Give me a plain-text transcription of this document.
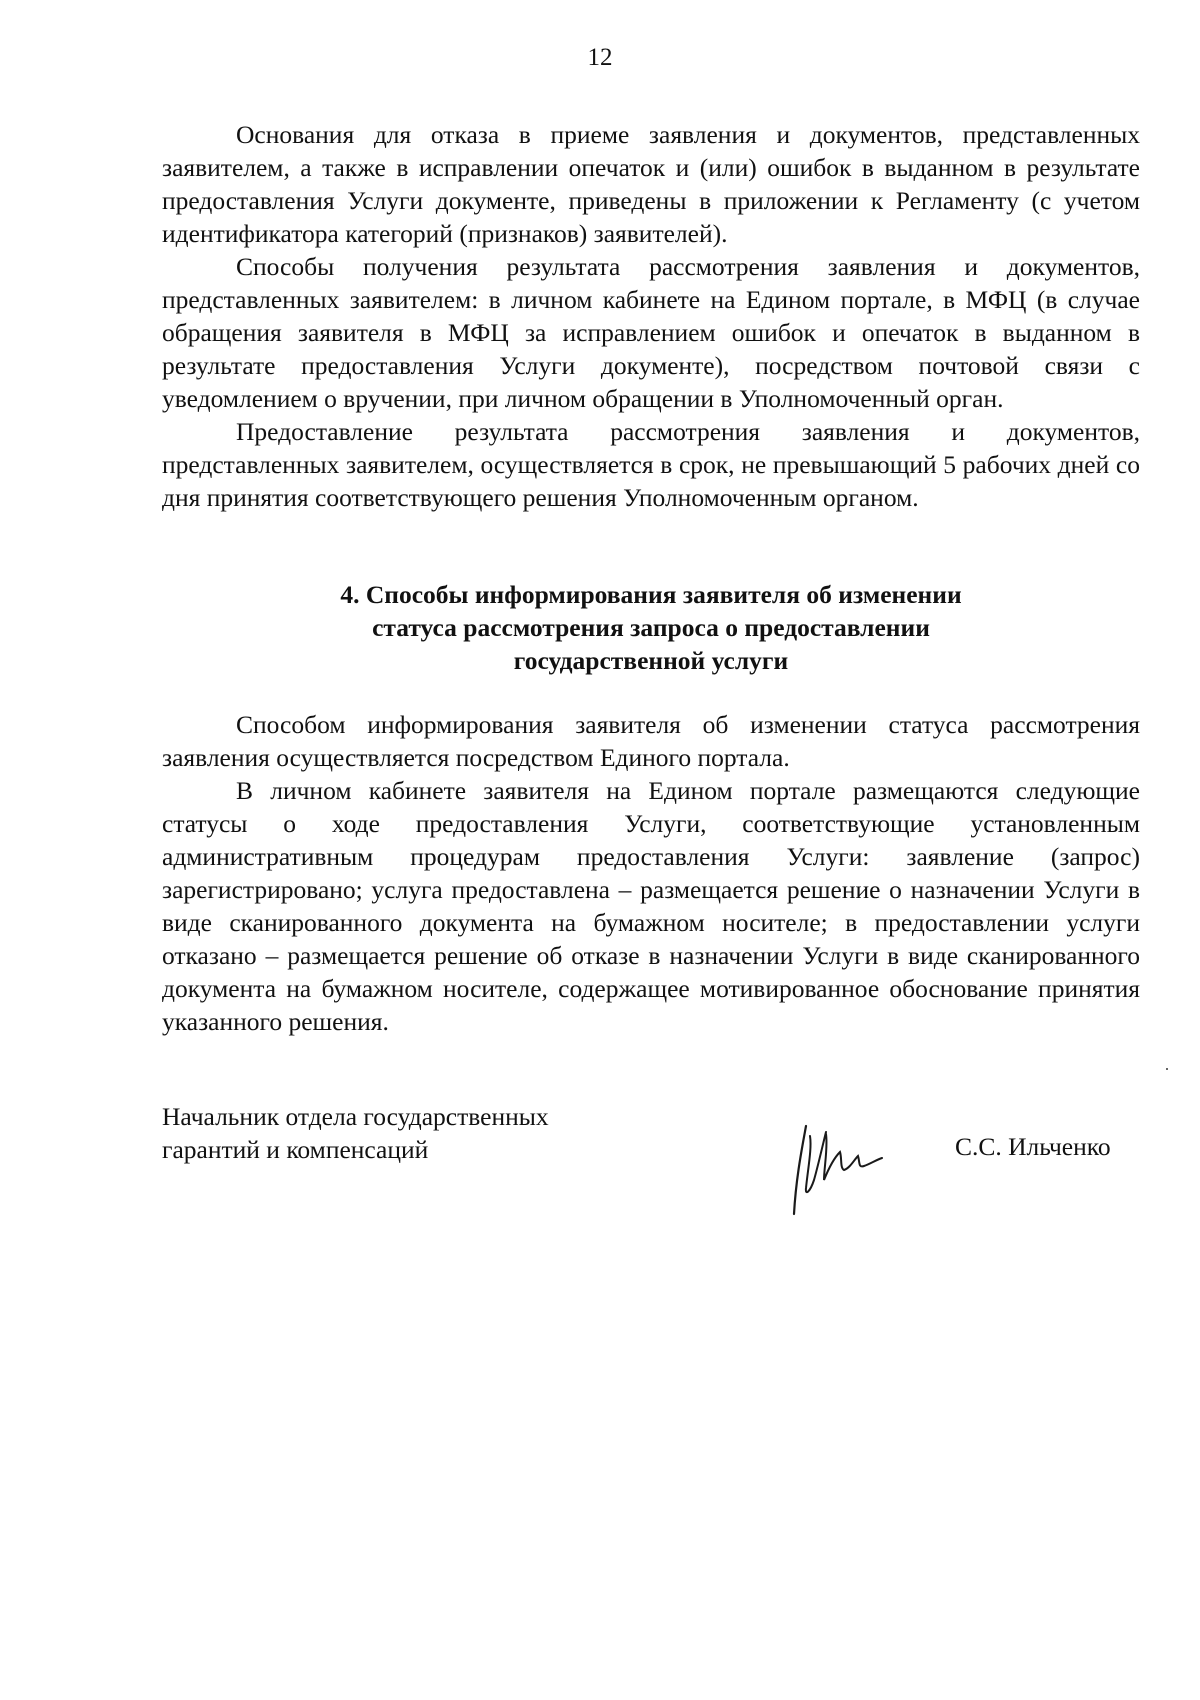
12

Основания для отказа в приеме заявления и документов, представленных заявителем, а также в исправлении опечаток и (или) ошибок в выданном в результате предоставления Услуги документе, приведены в приложении к Регламенту (с учетом идентификатора категорий (признаков) заявителей).

Способы получения результата рассмотрения заявления и документов, представленных заявителем: в личном кабинете на Едином портале, в МФЦ (в случае обращения заявителя в МФЦ за исправлением ошибок и опечаток в выданном в результате предоставления Услуги документе), посредством почтовой связи с уведомлением о вручении, при личном обращении в Уполномоченный орган.

Предоставление результата рассмотрения заявления и документов, представленных заявителем, осуществляется в срок, не превышающий 5 рабочих дней со дня принятия соответствующего решения Уполномоченным органом.

4. Способы информирования заявителя об изменении
статуса рассмотрения запроса о предоставлении
государственной услуги

Способом информирования заявителя об изменении статуса рассмотрения заявления осуществляется посредством Единого портала.

В личном кабинете заявителя на Едином портале размещаются следующие статусы о ходе предоставления Услуги, соответствующие установленным административным процедурам предоставления Услуги: заявление (запрос) зарегистрировано; услуга предоставлена – размещается решение о назначении Услуги в виде сканированного документа на бумажном носителе; в предоставлении услуги отказано – размещается решение об отказе в назначении Услуги в виде сканированного документа на бумажном носителе, содержащее мотивированное обоснование принятия указанного решения.

Начальник отдела государственных
гарантий и компенсаций	С.С. Ильченко
